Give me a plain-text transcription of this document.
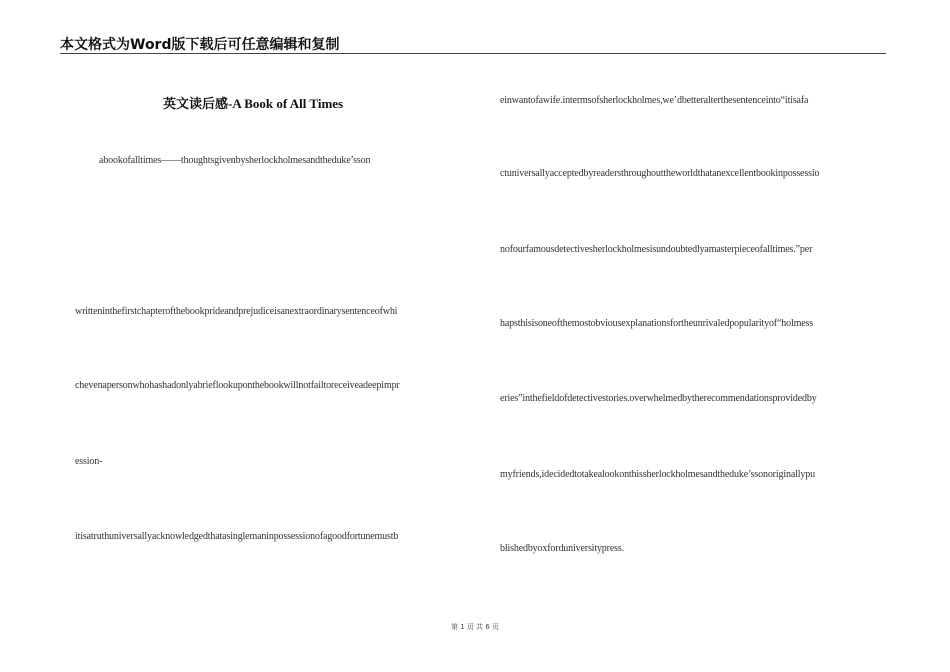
本文格式为Word版下载后可任意编辑和复制
英文读后感-A Book of All Times
abookofalltimes——thoughtsgivenbysherlockholmesandtheduke’sson
writteninthefirstchapterofthebookprideandprejudiceisanextraordinarysentenceofwhi
chevenapersonwhohashadonlyabrieflookuponthebookwillnotfailtoreceiveadeepimpr
ession-
itisatruthuniversallyacknowledgedthatasinglemaninpossessionofagoodfortunemustb
einwantofawife.intermsofsherlockholmes,we’dbetteralterthesentenceinto“itisafa
ctuniversallyacceptedbyreadersthroughouttheworldthatanexcellentbookinpossessio
nofourfamousdetectivesherlockholmesisundoubtedlyamasterpieceofalltimes.”per
hapsthisisoneofthemostobviousexplanationsfortheunrivaledpopularityof“holmess
eries”inthefieldofdetectivestories.overwhelmedbytherecommendationsprovidedby
myfriends,idecidedtotakealookonthissherlockholmesandtheduke’ssonoriginallypu
blishedbyoxforduniversitypress.
第 1 页 共 6 页
